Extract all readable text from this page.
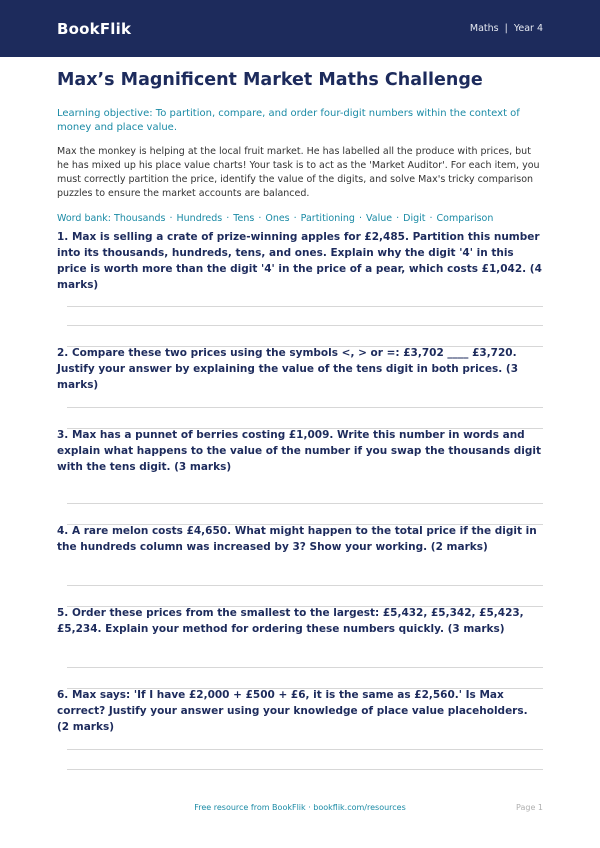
BookFlik	Maths | Year 4
Max’s Magnificent Market Maths Challenge

Learning objective: To partition, compare, and order four-digit numbers within the context of money and place value.

Max the monkey is helping at the local fruit market. He has labelled all the produce with prices, but he has mixed up his place value charts! Your task is to act as the 'Market Auditor'. For each item, you must correctly partition the price, identify the value of the digits, and solve Max's tricky comparison puzzles to ensure the market accounts are balanced.

Word bank: Thousands · Hundreds · Tens · Ones · Partitioning · Value · Digit · Comparison

1. Max is selling a crate of prize-winning apples for £2,485. Partition this number into its thousands, hundreds, tens, and ones. Explain why the digit '4' in this price is worth more than the digit '4' in the price of a pear, which costs £1,042. (4 marks)
2. Compare these two prices using the symbols <, > or =: £3,702 ____ £3,720. Justify your answer by explaining the value of the tens digit in both prices. (3 marks)
3. Max has a punnet of berries costing £1,009. Write this number in words and explain what happens to the value of the number if you swap the thousands digit with the tens digit. (3 marks)
4. A rare melon costs £4,650. What might happen to the total price if the digit in the hundreds column was increased by 3? Show your working. (2 marks)
5. Order these prices from the smallest to the largest: £5,432, £5,342, £5,423, £5,234. Explain your method for ordering these numbers quickly. (3 marks)
6. Max says: 'If I have £2,000 + £500 + £6, it is the same as £2,560.' Is Max correct? Justify your answer using your knowledge of place value placeholders. (2 marks)
Free resource from BookFlik · bookflik.com/resources	Page 1
